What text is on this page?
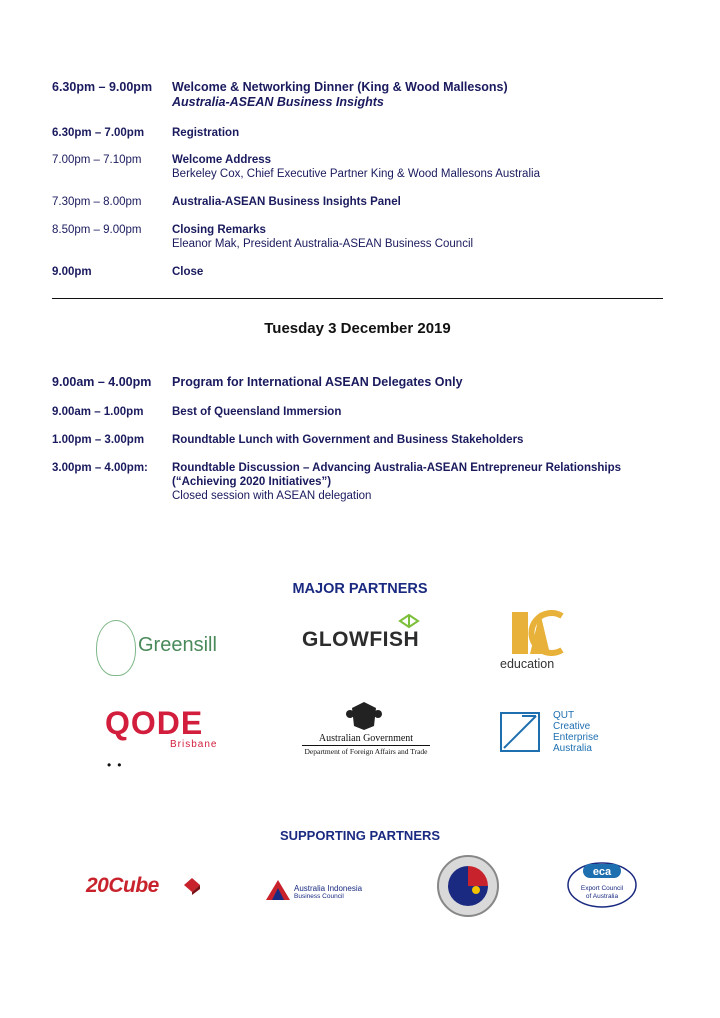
6.30pm – 9.00pm	Welcome & Networking Dinner (King & Wood Mallesons)
Australia-ASEAN Business Insights
6.30pm – 7.00pm	Registration
7.00pm – 7.10pm	Welcome Address
Berkeley Cox, Chief Executive Partner King & Wood Mallesons Australia
7.30pm – 8.00pm	Australia-ASEAN Business Insights Panel
8.50pm – 9.00pm	Closing Remarks
Eleanor Mak, President Australia-ASEAN Business Council
9.00pm	Close
Tuesday 3 December 2019
9.00am – 4.00pm	Program for International ASEAN Delegates Only
9.00am – 1.00pm	Best of Queensland Immersion
1.00pm – 3.00pm	Roundtable Lunch with Government and Business Stakeholders
3.00pm – 4.00pm:	Roundtable Discussion – Advancing Australia-ASEAN Entrepreneur Relationships
(“Achieving 2020 Initiatives”)
Closed session with ASEAN delegation
MAJOR PARTNERS
Greensill	GLOWFISH
education
QODE
Brisbane
••
Australian Government
Department of Foreign Affairs and Trade
QUT
Creative
Enterprise
Australia
SUPPORTING PARTNERS
20Cube	Australia Indonesia
Business Council
eca
Export Council
of Australia
